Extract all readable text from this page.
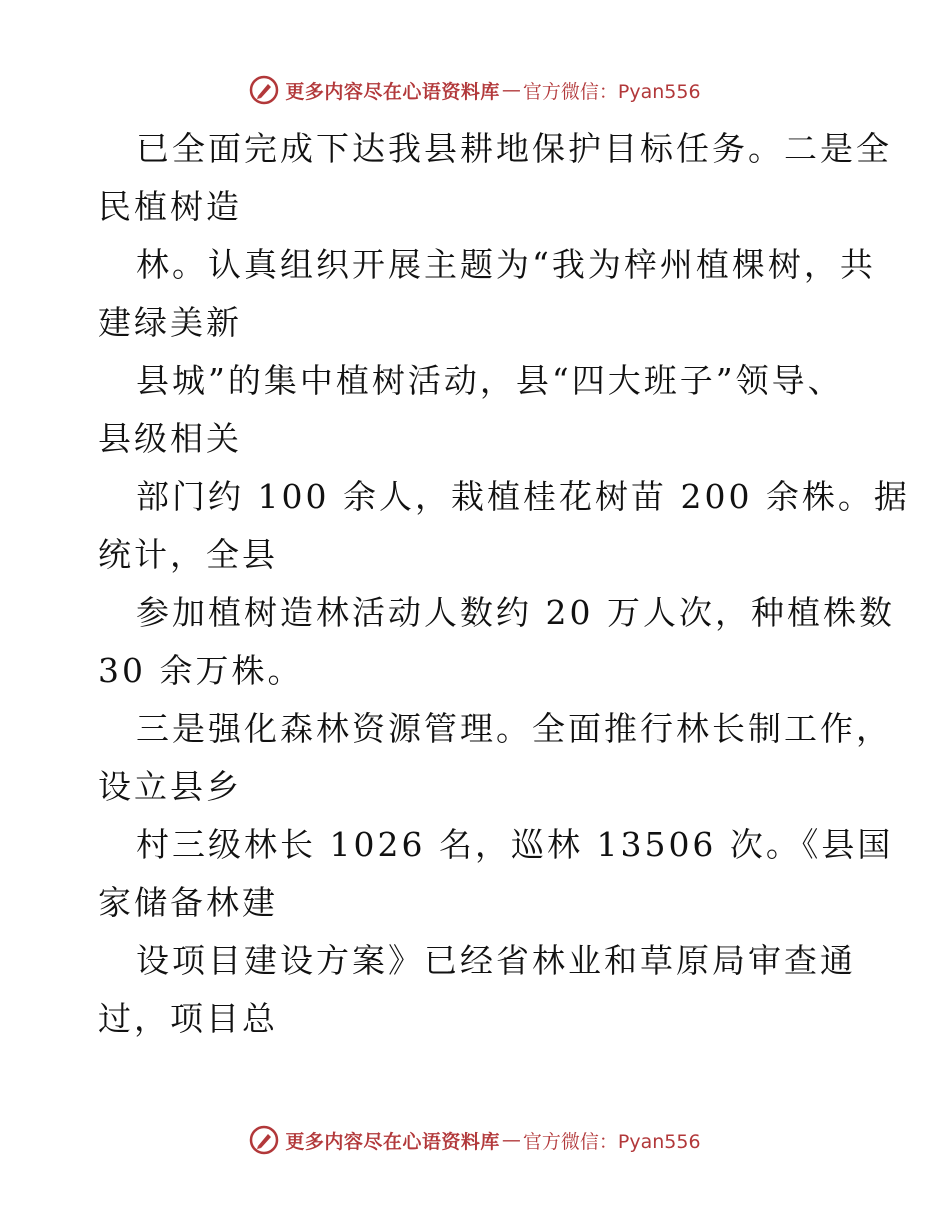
更多内容尽在心语资料库 — 官方微信：Pyan556
已全面完成下达我县耕地保护目标任务。二是全
民植树造
林。认真组织开展主题为“我为梓州植棵树，共
建绿美新
县城”的集中植树活动，县“四大班子”领导、
县级相关
部门约 100 余人，栽植桂花树苗 200 余株。据
统计，全县
参加植树造林活动人数约 20 万人次，种植株数
30 余万株。
三是强化森林资源管理。全面推行林长制工作，
设立县乡
村三级林长 1026 名，巡林 13506 次。《县国
家储备林建
设项目建设方案》已经省林业和草原局审查通
过，项目总
更多内容尽在心语资料库 — 官方微信：Pyan556
